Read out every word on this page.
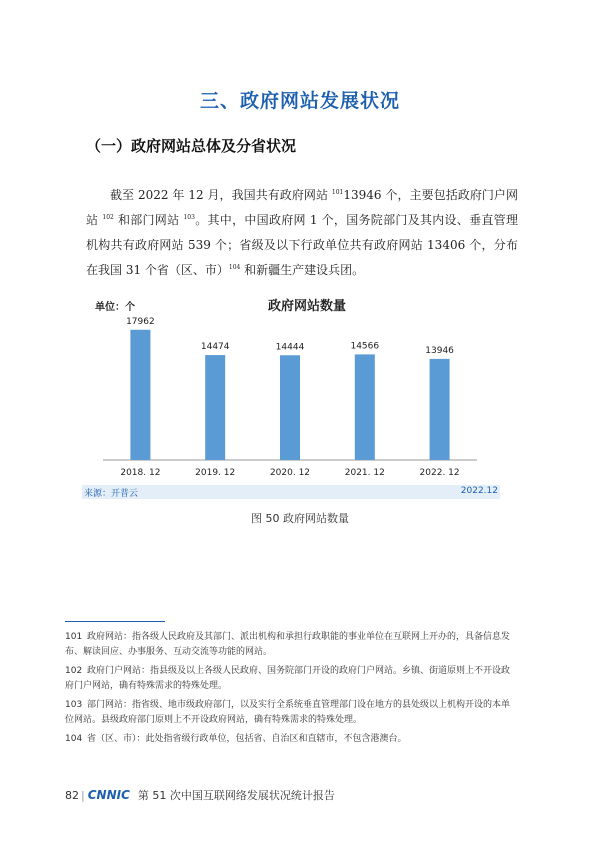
三、政府网站发展状况
（一）政府网站总体及分省状况
截至 2022 年 12 月，我国共有政府网站 $^{101}$13946 个，主要包括政府门户网站 $^{102}$ 和部门网站 $^{103}$。其中，中国政府网 1 个，国务院部门及其内设、垂直管理机构共有政府网站 539 个；省级及以下行政单位共有政府网站 13406 个，分布在我国 31 个省（区、市）$^{104}$ 和新疆生产建设兵团。
单位：个	政府网站数量
17962
2018. 12
14474
2019. 12
14444
2020. 12
14566
2021. 12
13946
2022. 12
来源：开普云	2022.12
图 50 政府网站数量
101 政府网站：指各级人民政府及其部门、派出机构和承担行政职能的事业单位在互联网上开办的，具备信息发布、解读回应、办事服务、互动交流等功能的网站。
102 政府门户网站：指县级及以上各级人民政府、国务院部门开设的政府门户网站。乡镇、街道原则上不开设政府门户网站，确有特殊需求的特殊处理。
103 部门网站：指省级、地市级政府部门，以及实行全系统垂直管理部门设在地方的县处级以上机构开设的本单位网站。县级政府部门原则上不开设政府网站，确有特殊需求的特殊处理。
104 省（区、市）：此处指省级行政单位，包括省、自治区和直辖市，不包含港澳台。
82 | CNNIC 第 51 次中国互联网络发展状况统计报告
